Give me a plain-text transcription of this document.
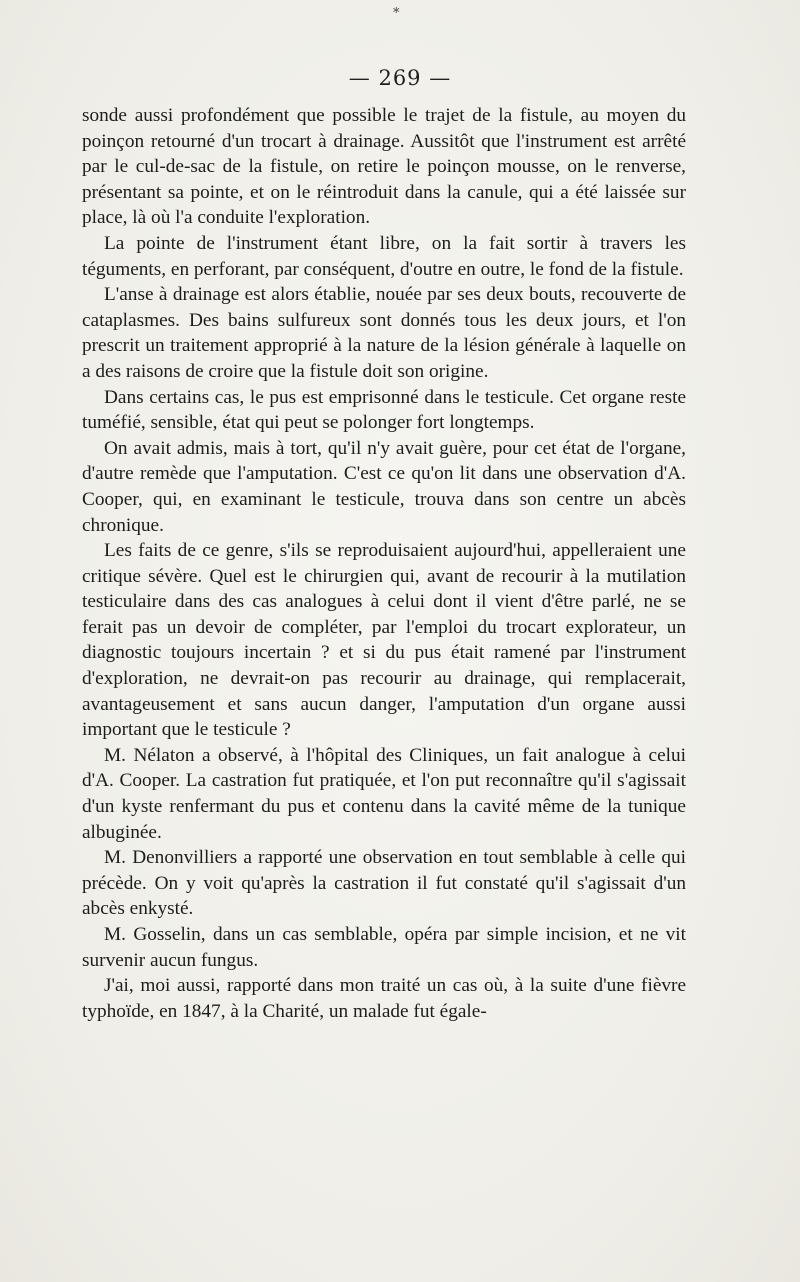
*
— 269 —

sonde aussi profondément que possible le trajet de la fistule, au moyen du poinçon retourné d'un trocart à drainage. Aussitôt que l'instrument est arrêté par le cul-de-sac de la fistule, on retire le poinçon mousse, on le renverse, présentant sa pointe, et on le réintroduit dans la canule, qui a été laissée sur place, là où l'a conduite l'exploration.

La pointe de l'instrument étant libre, on la fait sortir à travers les téguments, en perforant, par conséquent, d'outre en outre, le fond de la fistule.

L'anse à drainage est alors établie, nouée par ses deux bouts, recouverte de cataplasmes. Des bains sulfureux sont donnés tous les deux jours, et l'on prescrit un traitement approprié à la nature de la lésion générale à laquelle on a des raisons de croire que la fistule doit son origine.

Dans certains cas, le pus est emprisonné dans le testicule. Cet organe reste tuméfié, sensible, état qui peut se polonger fort longtemps.

On avait admis, mais à tort, qu'il n'y avait guère, pour cet état de l'organe, d'autre remède que l'amputation. C'est ce qu'on lit dans une observation d'A. Cooper, qui, en examinant le testicule, trouva dans son centre un abcès chronique.

Les faits de ce genre, s'ils se reproduisaient aujourd'hui, appelleraient une critique sévère. Quel est le chirurgien qui, avant de recourir à la mutilation testiculaire dans des cas analogues à celui dont il vient d'être parlé, ne se ferait pas un devoir de compléter, par l'emploi du trocart explorateur, un diagnostic toujours incertain ? et si du pus était ramené par l'instrument d'exploration, ne devrait-on pas recourir au drainage, qui remplacerait, avantageusement et sans aucun danger, l'amputation d'un organe aussi important que le testicule ?

M. Nélaton a observé, à l'hôpital des Cliniques, un fait analogue à celui d'A. Cooper. La castration fut pratiquée, et l'on put reconnaître qu'il s'agissait d'un kyste renfermant du pus et contenu dans la cavité même de la tunique albuginée.

M. Denonvilliers a rapporté une observation en tout semblable à celle qui précède. On y voit qu'après la castration il fut constaté qu'il s'agissait d'un abcès enkysté.

M. Gosselin, dans un cas semblable, opéra par simple incision, et ne vit survenir aucun fungus.

J'ai, moi aussi, rapporté dans mon traité un cas où, à la suite d'une fièvre typhoïde, en 1847, à la Charité, un malade fut égale-
